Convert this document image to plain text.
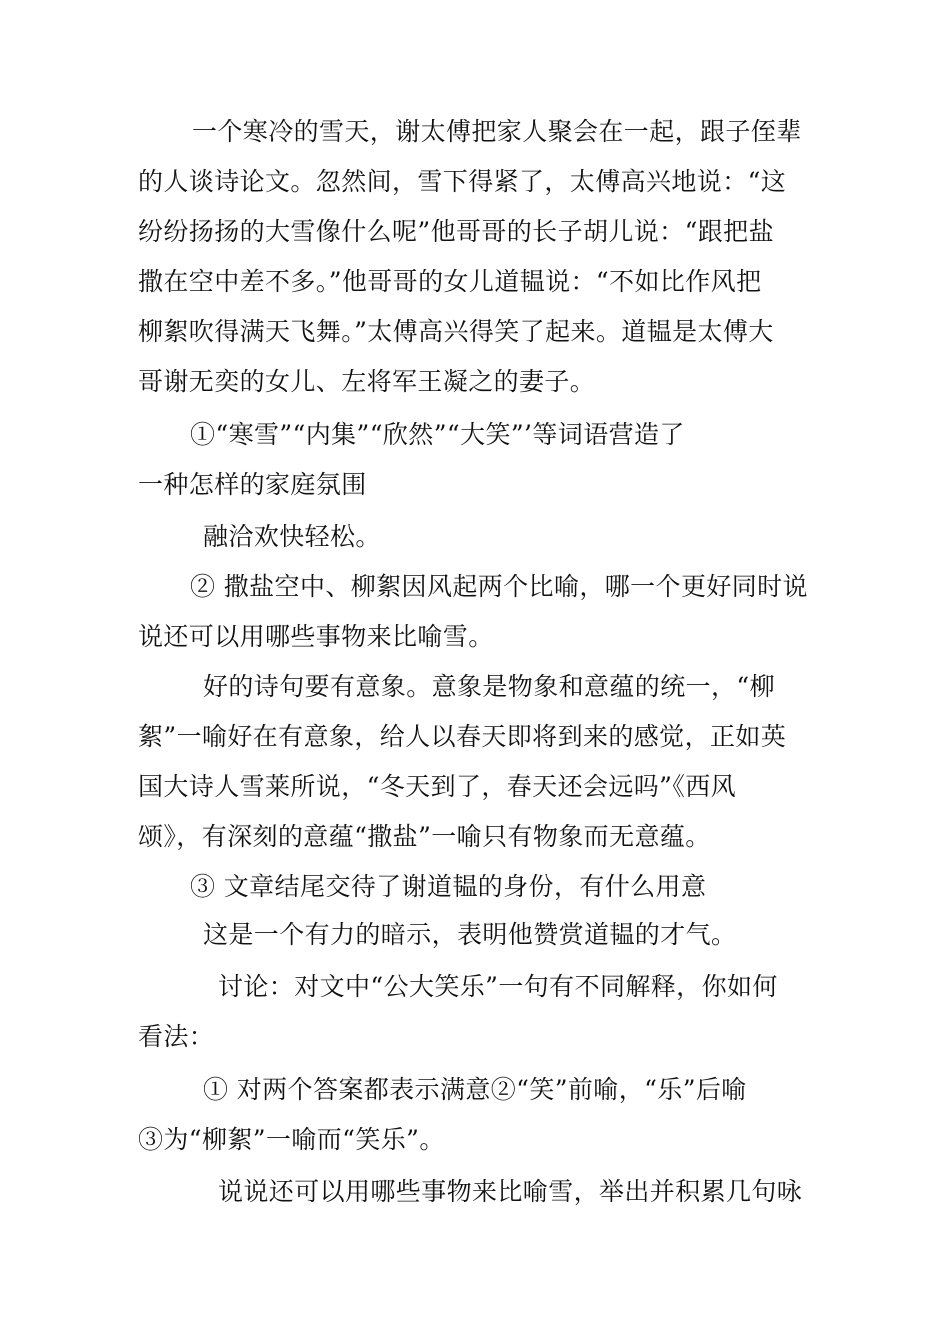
一个寒冷的雪天，谢太傅把家人聚会在一起，跟子侄辈
的人谈诗论文。忽然间，雪下得紧了，太傅高兴地说：“这
纷纷扬扬的大雪像什么呢”他哥哥的长子胡儿说：“跟把盐
撒在空中差不多。”他哥哥的女儿道韫说：“不如比作风把
柳絮吹得满天飞舞。”太傅高兴得笑了起来。道韫是太傅大
哥谢无奕的女儿、左将军王凝之的妻子。
①“寒雪”“内集”“欣然”“大笑”’等词语营造了
一种怎样的家庭氛围
融洽欢快轻松。
② 撒盐空中、柳絮因风起两个比喻，哪一个更好同时说
说还可以用哪些事物来比喻雪。
好的诗句要有意象。意象是物象和意蕴的统一，“柳
絮”一喻好在有意象，给人以春天即将到来的感觉，正如英
国大诗人雪莱所说，“冬天到了，春天还会远吗”《西风
颂》，有深刻的意蕴“撒盐”一喻只有物象而无意蕴。
③ 文章结尾交待了谢道韫的身份，有什么用意
这是一个有力的暗示，表明他赞赏道韫的才气。
讨论：对文中“公大笑乐”一句有不同解释，你如何
看法：
① 对两个答案都表示满意②“笑”前喻，“乐”后喻
③为“柳絮”一喻而“笑乐”。
说说还可以用哪些事物来比喻雪，举出并积累几句咏
